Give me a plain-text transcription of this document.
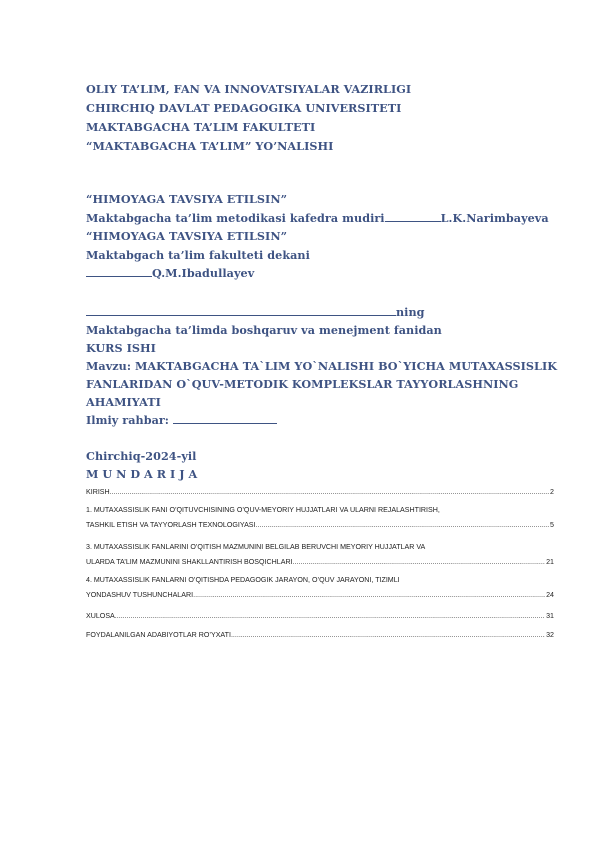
OLIY TA’LIM, FAN VA INNOVATSIYALAR VAZIRLIGI
CHIRCHIQ DAVLAT PEDAGOGIKA UNIVERSITETI
MAKTABGACHA TA’LIM FAKULTETI
“MAKTABGACHA TA’LIM” YO’NALISHI
“HIMOYAGA TAVSIYA ETILSIN”
Maktabgacha ta’lim metodikasi kafedra mudiri	L.K.Narimbayeva
“HIMOYAGA TAVSIYA ETILSIN”
Maktabgach ta’lim fakulteti dekani
Q.M.Ibadullayev
ning
Maktabgacha ta’limda boshqaruv va menejment fanidan
KURS ISHI
Mavzu: MAKTABGACHA TA`LIM YO`NALISHI BO`YICHA MUTAXASSISLIK
FANLARIDAN O`QUV-METODIK KOMPLEKSLAR TAYYORLASHNING
AHAMIYATI
Ilmiy rahbar:
Chirchiq-2024-yil
M U N D A R I J A
KIRISH .....	2
1. MUTAXASSISLIK FANI O’QITUVCHISINING O’QUV-MEYORIY HUJJATLARI VA ULARNI REJALASHTIRISH,
TASHKIL ETISH VA TAYYORLASH TEXNOLOGIYASI .....	5
3. MUTAXASSISLIK FANLARINI O’QITISH MAZMUNINI BELGILAB BERUVCHI MEYORIY HUJJATLAR VA
ULARDA TA’LIM MAZMUNINI SHAKLLANTIRISH BOSQICHLARI .....	21
4. MUTAXASSISLIK FANLARNI O’QITISHDA PEDAGOGIK JARAYON, O’QUV JARAYONI, TIZIMLI
YONDASHUV TUSHUNCHALARI .....	24
XULOSA .....	31
FOYDALANILGAN ADABIYOTLAR RO’YXATI .....	32
